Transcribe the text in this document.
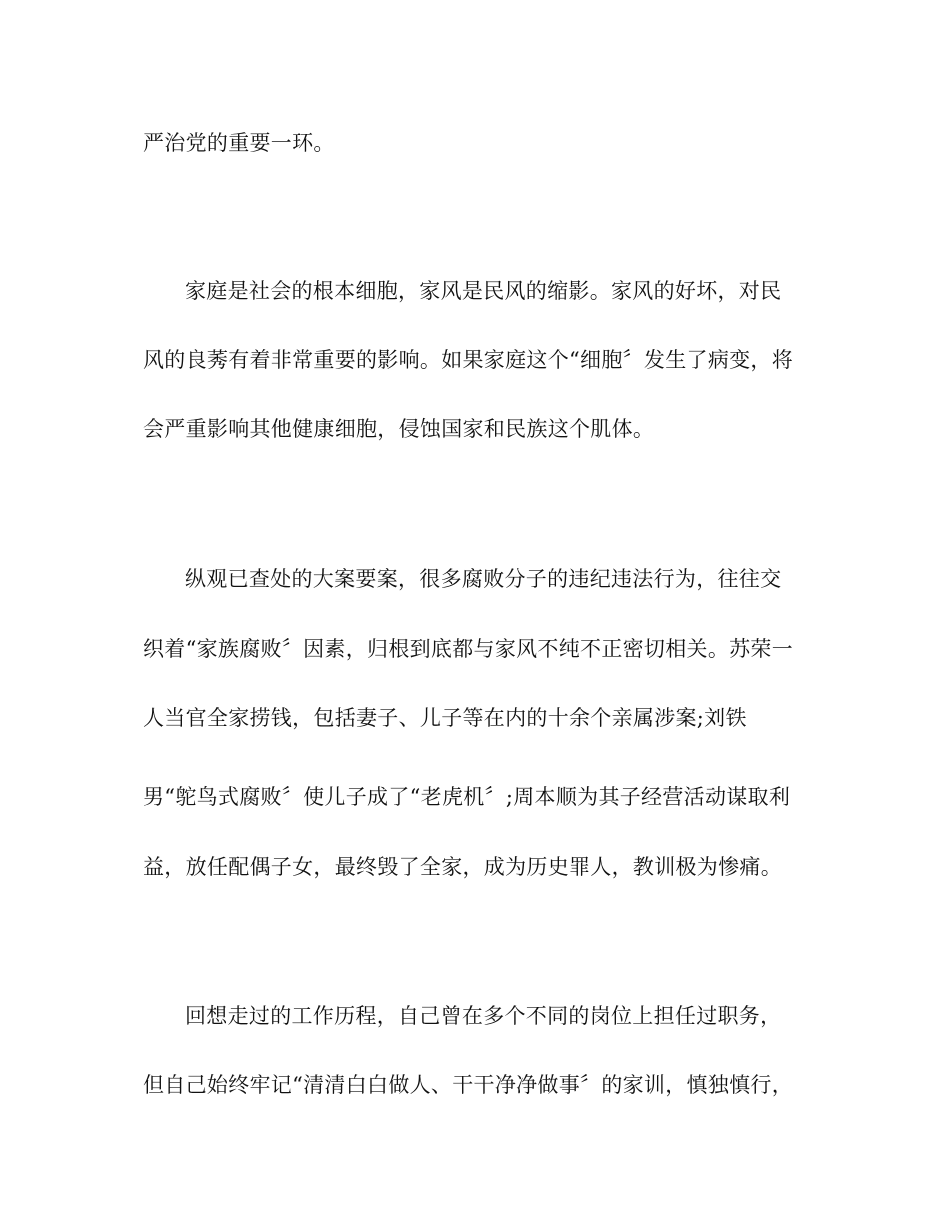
严治党的重要一环。
家庭是社会的根本细胞，家风是民风的缩影。家风的好坏，对民
风的良莠有着非常重要的影响。如果家庭这个“细胞〞发生了病变，将
会严重影响其他健康细胞，侵蚀国家和民族这个肌体。
纵观已查处的大案要案，很多腐败分子的违纪违法行为，往往交
织着“家族腐败〞因素，归根到底都与家风不纯不正密切相关。苏荣一
人当官全家捞钱，包括妻子、儿子等在内的十余个亲属涉案;刘铁
男“鸵鸟式腐败〞使儿子成了“老虎机〞;周本顺为其子经营活动谋取利
益，放任配偶子女，最终毁了全家，成为历史罪人，教训极为惨痛。
回想走过的工作历程，自己曾在多个不同的岗位上担任过职务，
但自己始终牢记“清清白白做人、干干净净做事〞的家训，慎独慎行，
